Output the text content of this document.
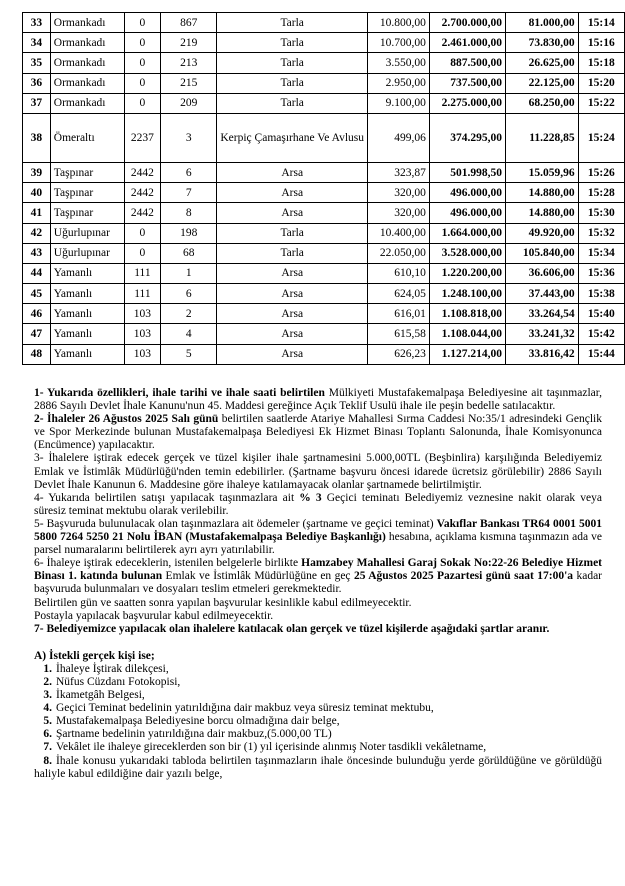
33	Ormankadı	0	867	Tarla	10.800,00	2.700.000,00	81.000,00	15:14
34	Ormankadı	0	219	Tarla	10.700,00	2.461.000,00	73.830,00	15:16
35	Ormankadı	0	213	Tarla	3.550,00	887.500,00	26.625,00	15:18
36	Ormankadı	0	215	Tarla	2.950,00	737.500,00	22.125,00	15:20
37	Ormankadı	0	209	Tarla	9.100,00	2.275.000,00	68.250,00	15:22
38	Ömeraltı	2237	3	Kerpiç Çamaşırhane Ve Avlusu	499,06	374.295,00	11.228,85	15:24
39	Taşpınar	2442	6	Arsa	323,87	501.998,50	15.059,96	15:26
40	Taşpınar	2442	7	Arsa	320,00	496.000,00	14.880,00	15:28
41	Taşpınar	2442	8	Arsa	320,00	496.000,00	14.880,00	15:30
42	Uğurlupınar	0	198	Tarla	10.400,00	1.664.000,00	49.920,00	15:32
43	Uğurlupınar	0	68	Tarla	22.050,00	3.528.000,00	105.840,00	15:34
44	Yamanlı	111	1	Arsa	610,10	1.220.200,00	36.606,00	15:36
45	Yamanlı	111	6	Arsa	624,05	1.248.100,00	37.443,00	15:38
46	Yamanlı	103	2	Arsa	616,01	1.108.818,00	33.264,54	15:40
47	Yamanlı	103	4	Arsa	615,58	1.108.044,00	33.241,32	15:42
48	Yamanlı	103	5	Arsa	626,23	1.127.214,00	33.816,42	15:44

1- Yukarıda özellikleri, ihale tarihi ve ihale saati belirtilen Mülkiyeti Mustafakemalpaşa Belediyesine ait taşınmazlar, 2886 Sayılı Devlet İhale Kanunu'nun 45. Maddesi gereğince Açık Teklif Usulü ihale ile peşin bedelle satılacaktır.

2- İhaleler 26 Ağustos 2025 Salı günü belirtilen saatlerde Atariye Mahallesi Sırma Caddesi No:35/1 adresindeki Gençlik ve Spor Merkezinde bulunan Mustafakemalpaşa Belediyesi Ek Hizmet Binası Toplantı Salonunda, İhale Komisyonunca (Encümence) yapılacaktır.

3- İhalelere iştirak edecek gerçek ve tüzel kişiler ihale şartnamesini 5.000,00TL (Beşbinlira) karşılığında Belediyemiz Emlak ve İstimlâk Müdürlüğü'nden temin edebilirler. (Şartname başvuru öncesi idarede ücretsiz görülebilir) 2886 Sayılı Devlet İhale Kanunun 6. Maddesine göre ihaleye katılamayacak olanlar şartnamede belirtilmiştir.

4- Yukarıda belirtilen satışı yapılacak taşınmazlara ait % 3 Geçici teminatı Belediyemiz veznesine nakit olarak veya süresiz teminat mektubu olarak verilebilir.

5- Başvuruda bulunulacak olan taşınmazlara ait ödemeler (şartname ve geçici teminat) Vakıflar Bankası TR64 0001 5001 5800 7264 5250 21 Nolu İBAN (Mustafakemalpaşa Belediye Başkanlığı) hesabına, açıklama kısmına taşınmazın ada ve parsel numaralarını belirtilerek ayrı ayrı yatırılabilir.

6- İhaleye iştirak edeceklerin, istenilen belgelerle birlikte Hamzabey Mahallesi Garaj Sokak No:22-26 Belediye Hizmet Binası 1. katında bulunan Emlak ve İstimlâk Müdürlüğüne en geç 25 Ağustos 2025 Pazartesi günü saat 17:00'a kadar başvuruda bulunmaları ve dosyaları teslim etmeleri gerekmektedir.

Belirtilen gün ve saatten sonra yapılan başvurular kesinlikle kabul edilmeyecektir.

Postayla yapılacak başvurular kabul edilmeyecektir.

7- Belediyemizce yapılacak olan ihalelere katılacak olan gerçek ve tüzel kişilerde aşağıdaki şartlar aranır.

A) İstekli gerçek kişi ise;

1. İhaleye İştirak dilekçesi,
2. Nüfus Cüzdanı Fotokopisi,
3. İkametgâh Belgesi,
4. Geçici Teminat bedelinin yatırıldığına dair makbuz veya süresiz teminat mektubu,
5. Mustafakemalpaşa Belediyesine borcu olmadığına dair belge,
6. Şartname bedelinin yatırıldığına dair makbuz,(5.000,00 TL)
7. Vekâlet ile ihaleye gireceklerden son bir (1) yıl içerisinde alınmış Noter tasdikli vekâletname,
8. İhale konusu yukarıdaki tabloda belirtilen taşınmazların ihale öncesinde bulunduğu yerde görüldüğüne ve görüldüğü haliyle kabul edildiğine dair yazılı belge,
